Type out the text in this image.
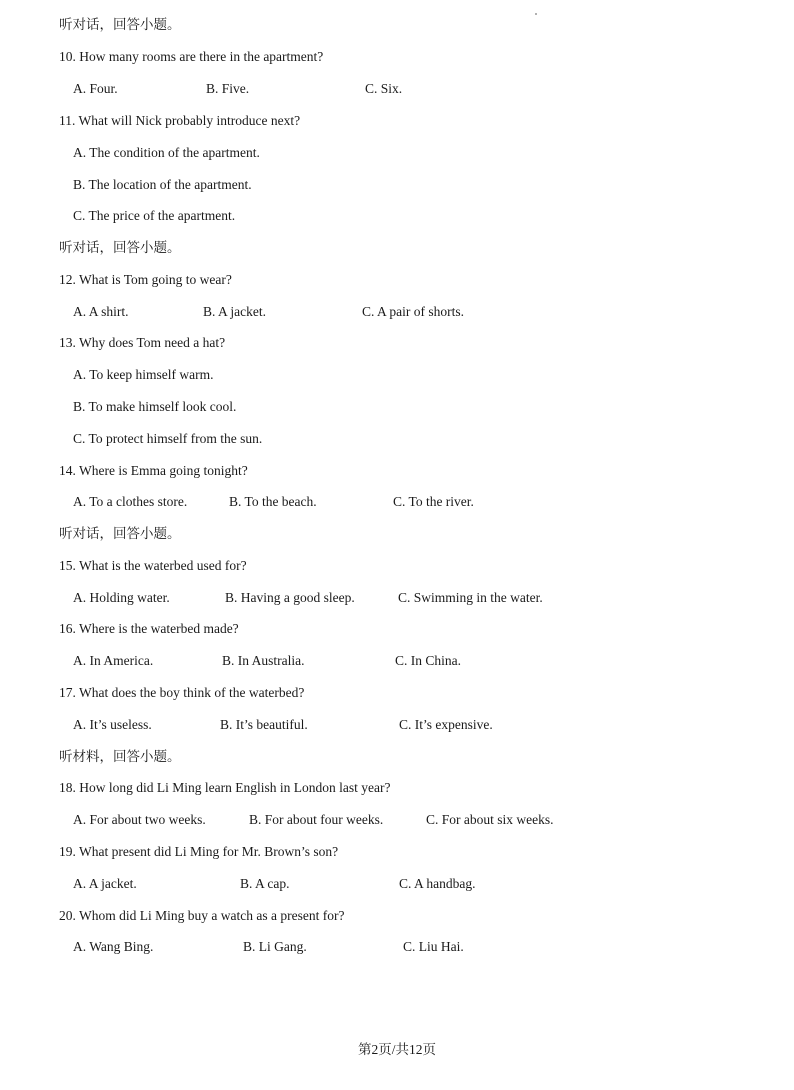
听对话，回答小题。
10. How many rooms are there in the apartment?
A. Four.	B. Five.	C. Six.
11. What will Nick probably introduce next?
A. The condition of the apartment.
B. The location of the apartment.
C. The price of the apartment.
听对话，回答小题。
12. What is Tom going to wear?
A. A shirt.	B. A jacket.	C. A pair of shorts.
13. Why does Tom need a hat?
A. To keep himself warm.
B. To make himself look cool.
C. To protect himself from the sun.
14. Where is Emma going tonight?
A. To a clothes store.	B. To the beach.	C. To the river.
听对话，回答小题。
15. What is the waterbed used for?
A. Holding water.	B. Having a good sleep.	C. Swimming in the water.
16. Where is the waterbed made?
A. In America.	B. In Australia.	C. In China.
17. What does the boy think of the waterbed?
A. It’s useless.	B. It’s beautiful.	C. It’s expensive.
听材料，回答小题。
18. How long did Li Ming learn English in London last year?
A. For about two weeks.	B. For about four weeks.	C. For about six weeks.
19. What present did Li Ming for Mr. Brown’s son?
A. A jacket.	B. A cap.	C. A handbag.
20. Whom did Li Ming buy a watch as a present for?
A. Wang Bing.	B. Li Gang.	C. Liu Hai.
第2页/共12页
